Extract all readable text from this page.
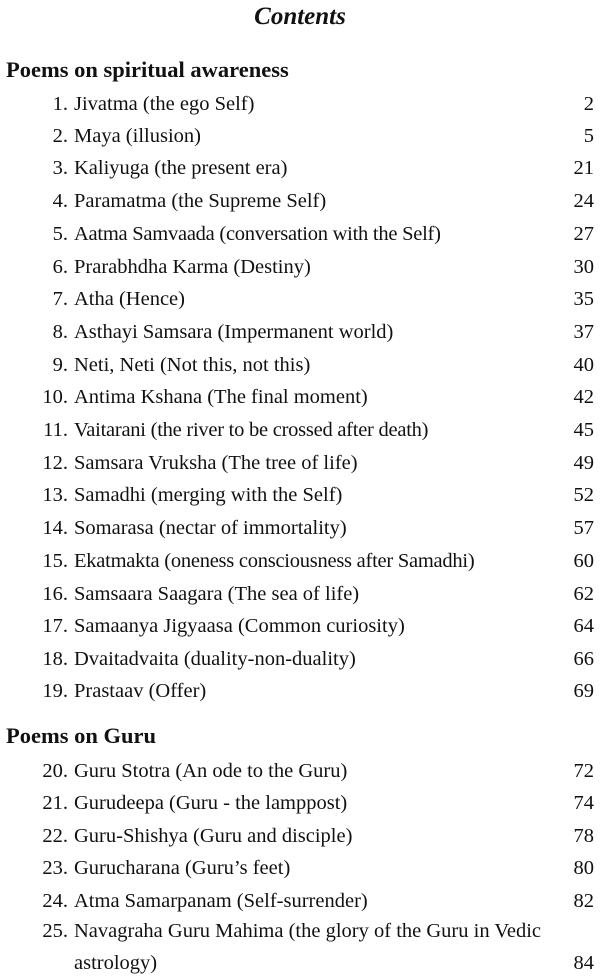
Contents
Poems on spiritual awareness
1. Jivatma (the ego Self)	2
2. Maya (illusion)	5
3. Kaliyuga (the present era)	21
4. Paramatma (the Supreme Self)	24
5. Aatma Samvaada (conversation with the Self)	27
6. Prarabhdha Karma (Destiny)	30
7. Atha (Hence)	35
8. Asthayi Samsara (Impermanent world)	37
9. Neti, Neti (Not this, not this)	40
10. Antima Kshana (The final moment)	42
11. Vaitarani (the river to be crossed after death)	45
12. Samsara Vruksha (The tree of life)	49
13. Samadhi (merging with the Self)	52
14. Somarasa (nectar of immortality)	57
15. Ekatmakta (oneness consciousness after Samadhi)	60
16. Samsaara Saagara (The sea of life)	62
17. Samaanya Jigyaasa (Common curiosity)	64
18. Dvaitadvaita (duality-non-duality)	66
19. Prastaav (Offer)	69
Poems on Guru
20. Guru Stotra (An ode to the Guru)	72
21. Gurudeepa (Guru - the lamppost)	74
22. Guru-Shishya (Guru and disciple)	78
23. Gurucharana (Guru’s feet)	80
24. Atma Samarpanam (Self-surrender)	82
25. Navagraha Guru Mahima (the glory of the Guru in Vedic astrology)	84
